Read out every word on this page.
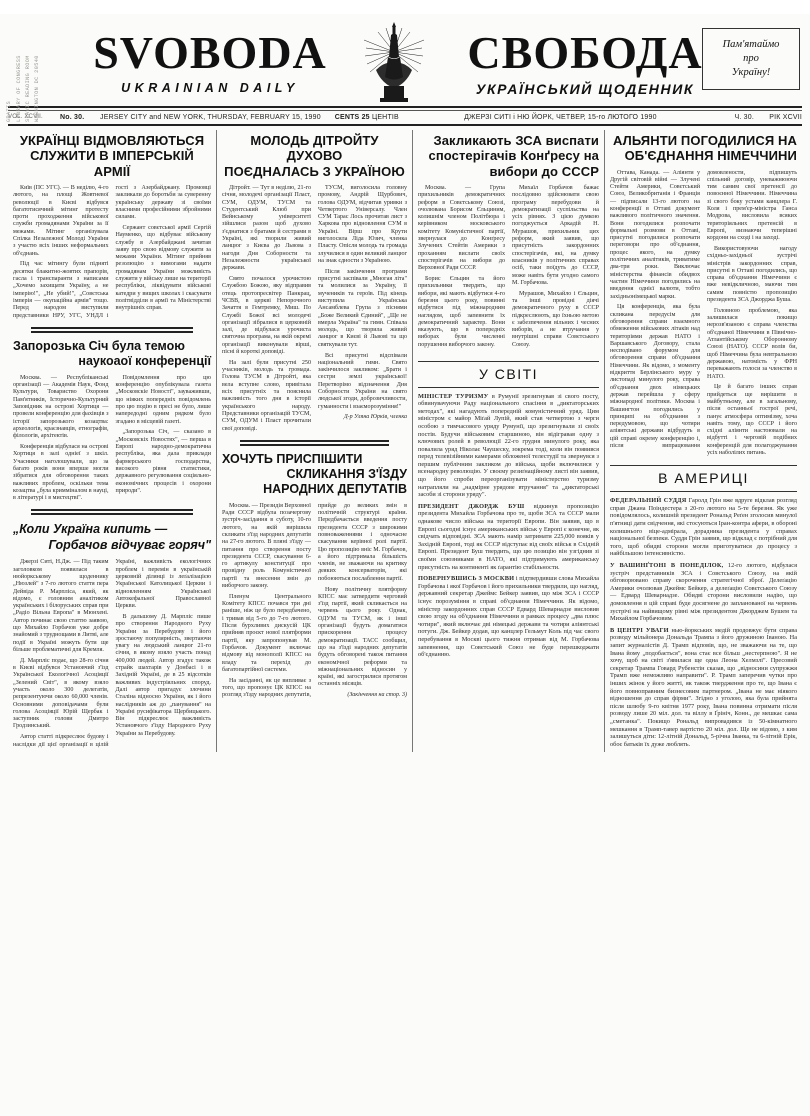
GRATIS LIBRARY OF CONGRESS SLAVIC READING ROOM WASHINGTON DC 20540
SVOBODA
UKRAINIAN DAILY
СВОБОДА
УКРАЇНСЬКИЙ ЩОДЕННИК
Пам'ятаймо
про
Україну!
VOL. XCVII.	No. 30.	JERSEY CITY and NEW YORK, THURSDAY, FEBRUARY 15, 1990	CENTS 25 ЦЕНТІВ	ДЖЕРЗІ СИТІ і НЮ ЙОРК, ЧЕТВЕР, 15-го ЛЮТОГО 1990	Ч. 30.	РІК XCVII
УКРАЇНЦІ ВІДМОВЛЯЮТЬСЯ
СЛУЖИТИ В ІМПЕРСЬКІЙ АРМІЇ

Київ (ПС УГС). — В неділю, 4-го лютого, на площі Жовтневої революції в Києві відбувся багатотисячний мітинг протесту проти проходження військової служби громадянами України за її межами. Мітинг організувала Спілка Незалежної Молоді України з участю всіх інших неформальних об'єднань.

Під час мітингу були підняті десятки блакитно-жовтих прапорів, гасла і транспаранти з написами „Хочемо захищати Україну, а не імперію!", „Не убий!", „Совєтська імперія — окупаційна армія" тощо. Перед народом виступили представники НРУ, УГС, УНДЛ і гості з Азербайджану. Промовці закликали до боротьби за суверенну українську державу зі своїми власними професійними збройними силами.

Сержант совєтської армії Сергій Науменко, що відбуває військову службу в Азербайджані зачитав заяву про свою відмову служити за межами України. Мітинг прийняв резолюцію з вимогами надати громадянам України можливість служити у війську лише на території республіки, ліквідувати військові катедри у вищих школах і скасувати політвідділи в армії та Міністерстві внутрішніх справ.

Запорозька Січ була темою
наукоаої конференції

Москва. — Республіканські організації — Академія Наук, Фонд Культури, Товариство Охорони Пам'ятників, Історично-Культурний Заповідник на острові Хортиця — провели конференцію для фахівців з історії запорозького козацтва: археологів, краєзнавців, етнографів, філологів, архітектів.

Конференція відбулася на острові Хортиця в залі одніеї з шкіл. Учасники наголошували, що за багато років вони вперше могли зібратися для обговорення таких важливих проблем, оскільки тема козацтва „була кримміналом в науці, в літературі і в мистецтві".

Повідомлення про цю конференцію опублікувала газета „Московскіе Новості", зауваживши, що ніяких попередніх повідомлень про цю подію в пресі не було, лише напередодні одним рядком було згадано в місцевій газеті.

„Запорозька Січ, — сказано в „Московскіх Новостях", — перша в Европі народно-демократична республіка, яка дала приклади фармерського господарства, високого рівня статистики, державного регулювання соціяльно-економічних процесів і охорони природи".

„Коли Україна кипить —
Горбачов відчуває горяч"

Джерзі Ситі, Н.Дж. — Під таким заголовком появилася в нюйоркському щоденнику „Нюзлей" з 7-го лютого стаття пера Дейвіда Р. Марпліса, який, як відомо, є головним аналітиком українських і білоруських справ при „Радіо Вільна Европа" в Мюнхені. Автор починає свою статтю заявою, що Михайло Горбачов уже добре знайомий з труднощами в Литві, але події в Україні можуть бути ще більше проблематичні для Кремля.

Д. Марпліс подає, що 28-го січня в Києві відбувся Установчий з'їзд Української Екологічної Асоціяції „Зелений Світ", в якому взяло участь около 300 делегатів, репрезентуючи около 60,000 членів. Основними доповідачами були голова Асоціяції Юрій Щербак і заступник голови Дмитро Гродзинський.

Автор статті підкреслює будову і наслідки дії цієї організації в цілій Україні, важливість екологічних проблем і перемін в українській церковній ділянці із леґалізацією Української Католицької Церкви і відновленням Української Автокефальної Православної Церкви.

В дальшому Д. Марпліс пише про створення Народного Руху України за Перебудову і його зростаючу популярність, звертаючи увагу на людський ланцюг 21-го січня, в якому взяло участь понад 400,000 людей. Автор згадує також страйк шахтарів у Донбасі і в Західній Україні, де в 25 відсотків важливих індустріяльних споруд. Далі автор пригадує злочини Сталіна відносно України, як і його наслідників аж до „панування" на Україні русифікатора Щербицького. Він підкреслює важливість Установчого з'їзду Народного Руху України за Перебудову.

МОЛОДЬ ДІТРОЙТУ ДУХОВО
ПОЄДНАЛАСЬ З УКРАЇНОЮ

Дітройт. — Тут в неділю, 21-го січня, молодечі організації Пласт, СУМ, ОДУМ, ТУСМ та Студентський Клюб при Вейнському університеті зійшлися разом щоб духово з'єднатися з братами й сестрами в Україні, які творили живий ланцюг з Києва до Львова з нагоди Дня Соборности та Незалежности української держави.

Свято почалося урочистою Службою Божою, яку відправив отець протопресвітер Панкрац, ЧСВВ, в церкві Непорочного Зачаття в Гемтремку, Миш. По Службі Божої всі молодечі організації зібралися в церковній залі, де відбулася урочиста святочна програма, на якій окремі організації виконували вірші, пісні й короткі доповіді.

На залі були присутні 250 учасників, молодь та громада. Голова ТУСМ в Дітройті, яка вела вступне слово, привітала всіх присутніх та пояснила важливість того дня в історії українського народу. Представники організацій ТУСМ, СУМ, ОДУМ і Пласт прочитали свої доповіді.

ТУСМ, виголосила головну промову, Андрій Щурбович, голова ОДУМ, відчитав уривки з Четвертого Універсалу. Член СУМ Тарас Лось прочитав лист з Харкова про відновлення СУМ в Україні. Вірш про Крути виголосила Ліда Юзич, членка Пласту. Опісля молодь та громада злучилися в один великий ланцюг на знак єдности з Україною.

Після закінчення програми присутні заспівали „Многая літа" та молилися за Україну, її мучеників та героїв. Під кінець виступила Українська Ансамблева Група з піснями „Боже Великий Єдиний", „Ще не вмерла Україна" та гимн. Співала молодь, що творила живий ланцюг в Києві й Львові та що святкували тут.

Всі присутні відспівали національний гимн. Свято закінчилося закликом: „Брати і сестри землі української! Перетворімо відзначення Дня Соборности України на свято людської згоди, доброзичливости, гуманности і взаєморозуміння!"

Д-р Уляна Юрків, членка

ХОЧУТЬ ПРИСПІШИТИ
СКЛИКАННЯ З'ЇЗДУ
НАРОДНИХ ДЕПУТАТІВ

Москва. — Президія Верховної Ради СССР відбула позачергову зустріч-засідання в суботу, 10-го лютого, на якій вирішила скликати з'їзд народних депутатів на 27-го лютого. В пляні з'їзду — питання про створення посту президента СССР, скасування 6-го артикулу конституції про провідну роль Комуністичної партії та внесення змін до виборчого закону.

Пленум Центрального Комітету КПСС почався три дні раніше, ніж це було передбачено, і тривав від 5-го до 7-го лютого. Після бурхливих дискусій ЦК прийняв проєкт нової плятформи партії, яку запропонував М. Горбачов. Документ включає відмову від монополії КПСС на владу та перехід до багатопартійної системи.

На засіданні, як це випливає з того, що пропонує ЦК КПСС на розгляд з'їзду народних депутатів, прийде до великих змін в політичній структурі країни. Передбачається введення посту президента СССР з широкими повноваженнями і одночасне скасування керівної ролі партії. Цю пропозицію вніс М. Горбачов, а його підтримала більшість членів, не зважаючи на критику деяких консерваторів, які побоюються послаблення партії.

Нову політичну плятформу КПСС має затвердити черговий з'їзд партії, який скликається на червень цього року. Однак, ОДУМ та ТУСМ, як і інші організації будуть домагатися прискорення процесу демократизації. ТАСС сообщил, що на з'їзді народних депутатів будуть обговорені також питання економічної реформи та міжнаціональних відносин у країні, які загострилися протягом останніх місяців.

(Закінчення на стор. 3)

Закликають ЗСА виспати
спостерігачів Конґресу на
вибори до СССР

Москва. — Група прихильників демократичних реформ в Совєтському Союзі, очолювана Борисом Єльциним, колишнім членом Політбюра і керівником московського комітету Комуністичної партії, звернулася до Конґресу Злучених Стейтів Америки з проханням вислати своїх спостерігачів на вибори до Верховної Ради СССР.

Борис Єльцин та його прихильники твердять, що вибори, які мають відбутися 4-го березня цього року, повинні відбутися під міжнародним наглядом, щоб запевнити їх демократичний характер. Вони вказують, що в попередніх виборах були численні порушення виборчого закону.

Михаїл Горбачов бажає послідовно здійснювати свою програму перебудови й демократизації суспільства на усіх рівнях. З цією думкою погоджується Аркадій Н. Мурашов, прихильник цих реформ, який заявив, що присутність закордонних спостерігачів, які, на думку власників у політичних справах осіб, таки поїдуть до СССР, може навіть бути угодно самого М. Горбачова.

Мурашов, Михайло і Єльцин, та інші провідні діячі демократичного руху в СССР підкреслюють, що їхньою метою є забезпечення вільних і чесних виборів, а не втручання у внутрішні справи Совєтського Союзу.

У СВІТІ

МІНІСТЕР ТУРИЗМУ в Румунії зрезигнував зі свого посту, обвинувачуючи Раду національного спасіння в „диктаторських методах", які нагадують попередній комуністичний уряд. Цим міністром є майор Міґай Лупій, який став четвертою з черги особою з тимчасового уряду Румунії, що зрезигнували зі своїх постів. Будучи військовим старшиною, він відігравав одну з ключових ролей в революції 22-го грудня минулого року, яка повалила уряд Ніколає Чаушеску, зокрема тоді, коли він появився перед телевізійними камерами обложеної телестудії та звернувся з першим публічним закликом до війська, щоби включилися у всенародну революцію. У своєму резиґнаційному листі він заявив, що його спроби переорганізувати міністерство туризму натрапляли на „надмірне урядове втручання" та „диктаторські засоби зі сторони уряду".

ПРЕЗИДЕНТ ДЖОРДЖ БУШ відкинув пропозицію президента Михайла Горбачова про те, щоби ЗСА та СССР мали однакове число війська на території Европи. Він заявив, що в Европі сьогодні існує американських військ у Европі є конечне, як свідчать відповідні. ЗСА мають намір затримати 225,000 вояків у Західній Европі, тоді як СССР відступає від своїх військ в Східній Европі. Президент Буш твердить, що цю позицію він узгіднив зі своїми союзниками в НАТО, які підтримують американську присутність на континенті як ґарантію стабільности.

ПОВЕРНУВШИСЬ З МОСКВИ і підтвердивши слова Михайла Горбачова і якої Горбачов і його прихильники твердили, що нагляд, державний секретар Джеймс Бейкер заявив, що між ЗСА і СССР існує порозуміння в справі об'єднання Німеччини. Як відомо, міністер закордонних справ СССР Едвард Шеварнадзе висловив свою згоду на об'єднання Німеччини в рамках процесу „два плюс чотири", який включає дві німецькі держави та чотири аліянтські потуги. Дж. Бейкер додав, що канцлер Гельмут Коль під час свого перебування в Москві цього тижня отримав від М. Горбачова запевнення, що Совєтський Союз не буде перешкоджати об'єднанню.

АЛЬЯНТИ ПОГОДИЛИСЯ НА
ОБ'ЄДНАННЯ НІМЕЧЧИНИ

Оттава, Канада. — Аліянти у Другій світовій війні — Злучені Стейти Америки, Совєтський Союз, Великобританія і Франція — підписали 13-го лютого на конференції в Оттаві документ важливого політичного значення. Вони погодилися розпочати формальні розмови в Оттаві, присутні погодилися розпочати переговори про об'єднання, процес якого, на думку політичних аналітиків, триватиме два-три роки. Виключає міністерства фінансів обидвох частин Німеччини погодились на введення однієї валюти, тобто західньонімецької марки.

Ця конференція, яка була скликана передусім для обговорення справи взаємного обмеження військових літаків над територіями держав НАТО і Варшавського Договору, стала несподівано форумом для обговорення справи об'єднання Німеччини. Як відомо, з моменту відкриття Берлінського муру у листопаді минулого року, справа об'єднання двох німецьких держав перейшла у сферу міжнародної політики. Москва і Вашингтон погодились у принципі на об'єднання з передумовою, що чотири аліянтські держави відбудуть в цій справі окрему конференцію і, після випрацювання домовлености, підпишуть спільний договір, уневажнюючи тим самим свої претенсії до повоєнної Німеччини. Німеччина зі свого боку устами канцлера Г. Коля і прем'єр-міністра Ганса Модрова, висловила всяких територіяльних претенсій в Европі, визнаючи теперішні кордони на сході і на заході.

Використовуючи нагоду східньо-західньої зустрічі міністрів закордонних справ, присутні в Оттаві погодились, що справа об'єднання Німеччини є вже невідкличною, маючи тим самим повністю пропозицію президента ЗСА Джорджа Буша.

Головною проблемою, яка залишилася покищо нерозв'язаною є справа членства об'єднаної Німеччини в Північно-Атлантійському Оборонному Союзі (НАТО). СССР волів би, щоб Німеччина була невтральною державою, натомість у ФРН переважають голоси за членство в НАТО.

Це й багато інших справ прийдеться ще вирішити в майбутньому, але в загальному, після останньої гострої речі, панує атмосфера оптимізму, хоча навіть тому, що СССР і його східні аліянти настоювали на відбутті і черговій подібних конференцій для полагоджування усіх наболілих питань.

В АМЕРИЦІ

ФЕДЕРАЛЬНИЙ СУДДЯ Гаролд Грін вже вдруге відклав розгляд справ Джана Поіндестера з 20-го лютого на 5-те березня. Як уже повідомлялось, колишній президент Рональд Реґен зголосив минулої п'ятниці дати свідчення, які стосуються Іран-контра афери, в обороні колишнього віце-адмірала, дорадника президента у справах національної безпеки. Суддя Грін заявив, що відклад є потрібний для того, щоб обидві сторони могли приготуватися до процесу з найбільшою інтенсивністю.

У ВАШИНҐТОНІ В ПОНЕДІЛОК, 12-го лютого, відбулася зустріч представників ЗСА і Совєтського Союзу, на якій обговорювано справу скорочення стратегічної зброї. Делеґацію Америки очолював Джеймс Бейкер, а делеґацію Совєтського Союзу — Едвард Шеварнадзе. Обидві сторони висловили надію, що домовлення в цій справі буде досягнене до запланованої на червень зустрічі на найвищому рівні між президентом Джорджем Бушем та Михайлом Горбачовим.

В ЦЕНТРІ УВАГИ нью-йоркських медій продовжує бути справа розводу мільйонера Дональда Трампа з його дружиною Іваною. На запит журналістів Д. Трамп відповів, що, не зважаючи на те, що Івана йому „подобається", вона стає все більш „нестерпною". Я не хочу, щоб на світі з'явилася ще одна Леона Хелмзлі". Пресовий секретар Трампа Говард Рубенстін сказав, що „відносини супружжя Трамп вже неможливо направити". Р. Трамп заперечив чутки про інших жінок у його житті, як також твердження про те, що Івана є його повноправним бизнесовим партнером. „Івана не має ніякого відношення до справ фірми". Згідно з уголою, яка була прийнята після шлюбу 9-го квітня 1977 року, Івана повинна отримати після розводу лише 20 міл. дол. та віллу в Ґрініч, Конн., де мешкає сама „сметанка". Покищо Рональд випровадився із 50-кімнатного мешкання в Трамп-тавер вартістю 20 міл. дол. Ще не відомо, з ким залишуться діти: 12-літній Дональд, 5-річна Іванка, та 6-літній Ерік, обоє батьків їх дуже люблять.
